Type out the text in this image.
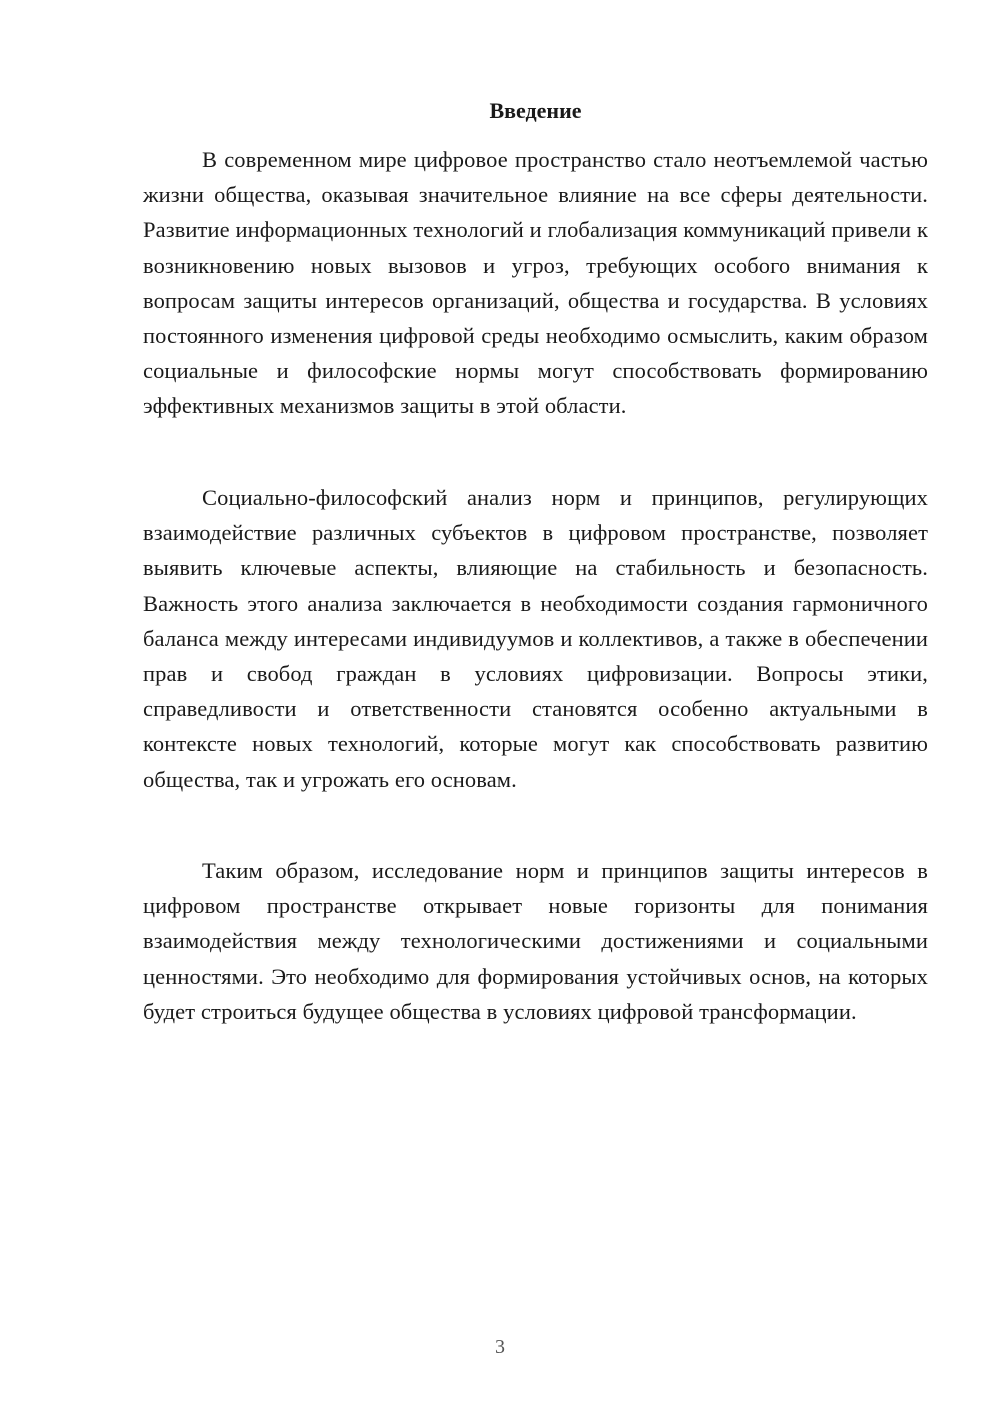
Введение

В современном мире цифровое пространство стало неотъемлемой частью жизни общества, оказывая значительное влияние на все сферы деятельности. Развитие информационных технологий и глобализация коммуникаций привели к возникновению новых вызовов и угроз, требующих особого внимания к вопросам защиты интересов организаций, общества и государства. В условиях постоянного изменения цифровой среды необходимо осмыслить, каким образом социальные и философские нормы могут способствовать формированию эффективных механизмов защиты в этой области.

Социально-философский анализ норм и принципов, регулирующих взаимодействие различных субъектов в цифровом пространстве, позволяет выявить ключевые аспекты, влияющие на стабильность и безопасность. Важность этого анализа заключается в необходимости создания гармоничного баланса между интересами индивидуумов и коллективов, а также в обеспечении прав и свобод граждан в условиях цифровизации. Вопросы этики, справедливости и ответственности становятся особенно актуальными в контексте новых технологий, которые могут как способствовать развитию общества, так и угрожать его основам.

Таким образом, исследование норм и принципов защиты интересов в цифровом пространстве открывает новые горизонты для понимания взаимодействия между технологическими достижениями и социальными ценностями. Это необходимо для формирования устойчивых основ, на которых будет строиться будущее общества в условиях цифровой трансформации.

3
